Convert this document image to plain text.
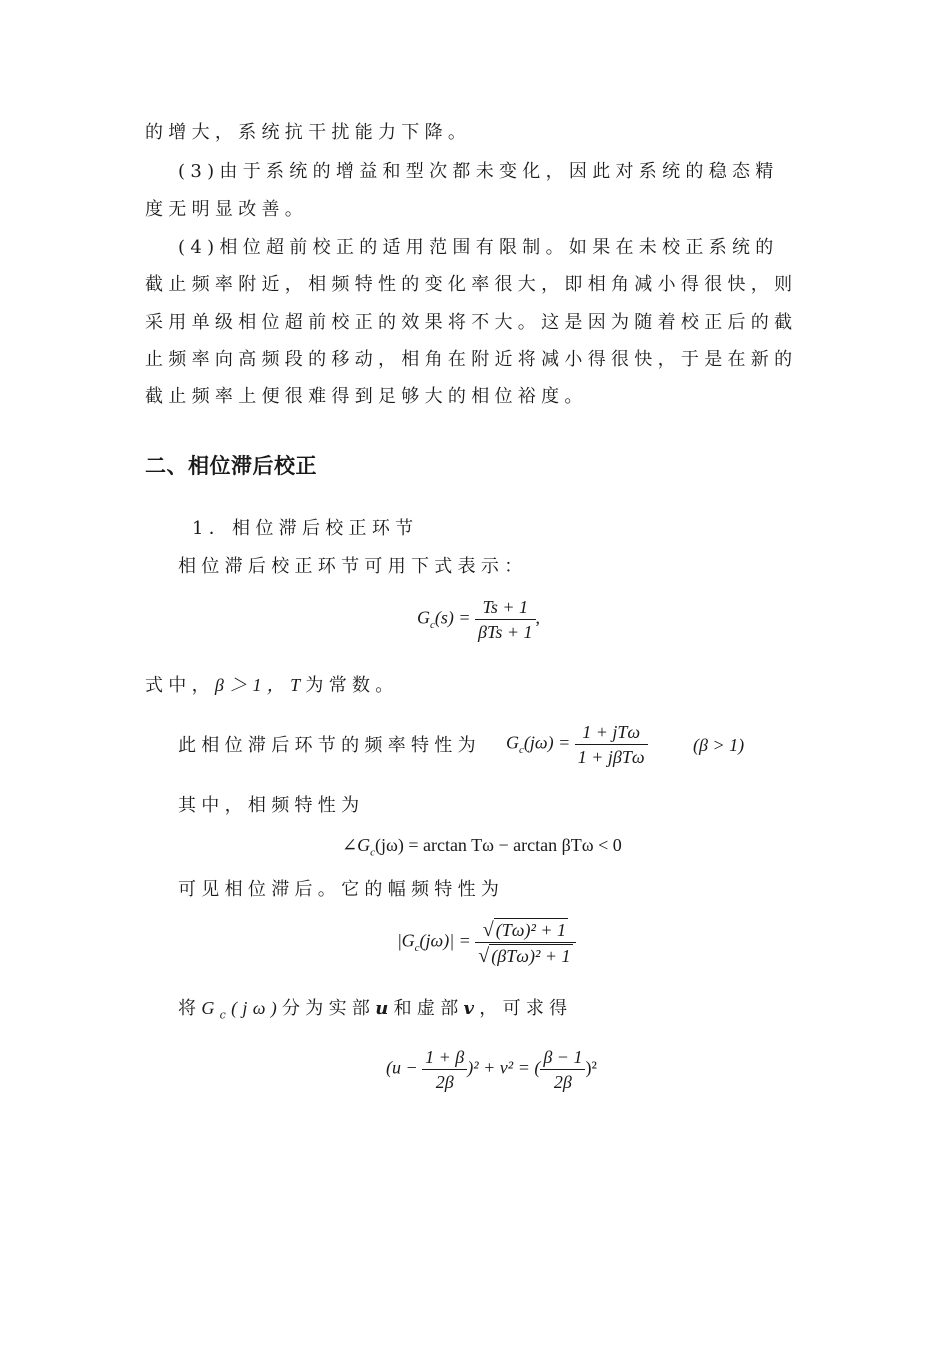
的增大，系统抗干扰能力下降。
(3)由于系统的增益和型次都未变化，因此对系统的稳态精
度无明显改善。
(4)相位超前校正的适用范围有限制。如果在未校正系统的
截止频率附近，相频特性的变化率很大，即相角减小得很快，则
采用单级相位超前校正的效果将不大。这是因为随着校正后的截
止频率向高频段的移动，相角在附近将减小得很快，于是在新的
截止频率上便很难得到足够大的相位裕度。
二、相位滞后校正
1．相位滞后校正环节
相位滞后校正环节可用下式表示：
$G_c(s) = \frac{Ts + 1}{\text{βTs + 1}}$ ,
式中，β＞1，T为常数。
此相位滞后环节的频率特性为	$G_c(j\omega) = \frac{\text{1 + jTω}}{\text{1 + jβTω}}$	(β > 1)
其中，相频特性为
$\angle G_c(j\omega) = \arctan T\omega - \arctan \beta T\omega < 0$
可见相位滞后。它的幅频特性为
$|G_c(j\omega)| = \frac{\text{√ (Tω)² + 1}}{\text{√ (βTω)² + 1}}$
将$G_c(j\omega)$分为实部u和虚部v，可求得
$(u - \frac{1 + \beta}{2\beta} )^2 + v^2$ = ( $\frac{\beta - 1}{2\beta} )^2$
